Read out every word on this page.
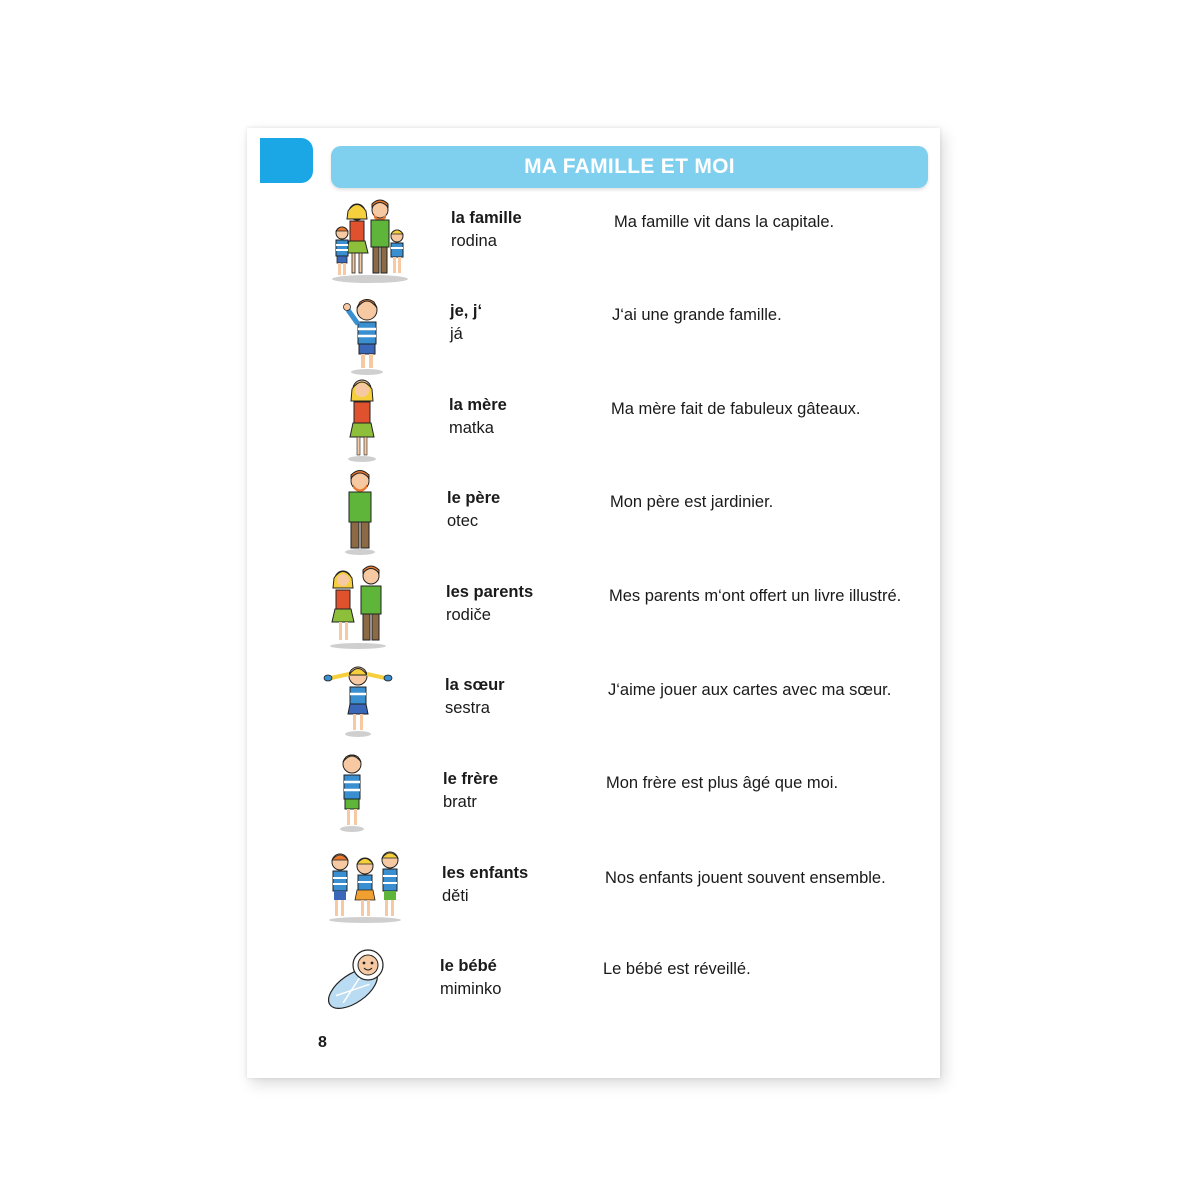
MA FAMILLE ET MOI
la famille
rodina
Ma famille vit dans la capitale.
je, j‘
já
J‘ai une grande famille.
la mère
matka
Ma mère fait de fabuleux gâteaux.
le père
otec
Mon père est jardinier.
les parents
rodiče
Mes parents m‘ont offert un livre illustré.
la sœur
sestra
J‘aime jouer aux cartes avec ma sœur.
le frère
bratr
Mon frère est plus âgé que moi.
les enfants
děti
Nos enfants jouent souvent ensemble.
le bébé
miminko
Le bébé est réveillé.
8
